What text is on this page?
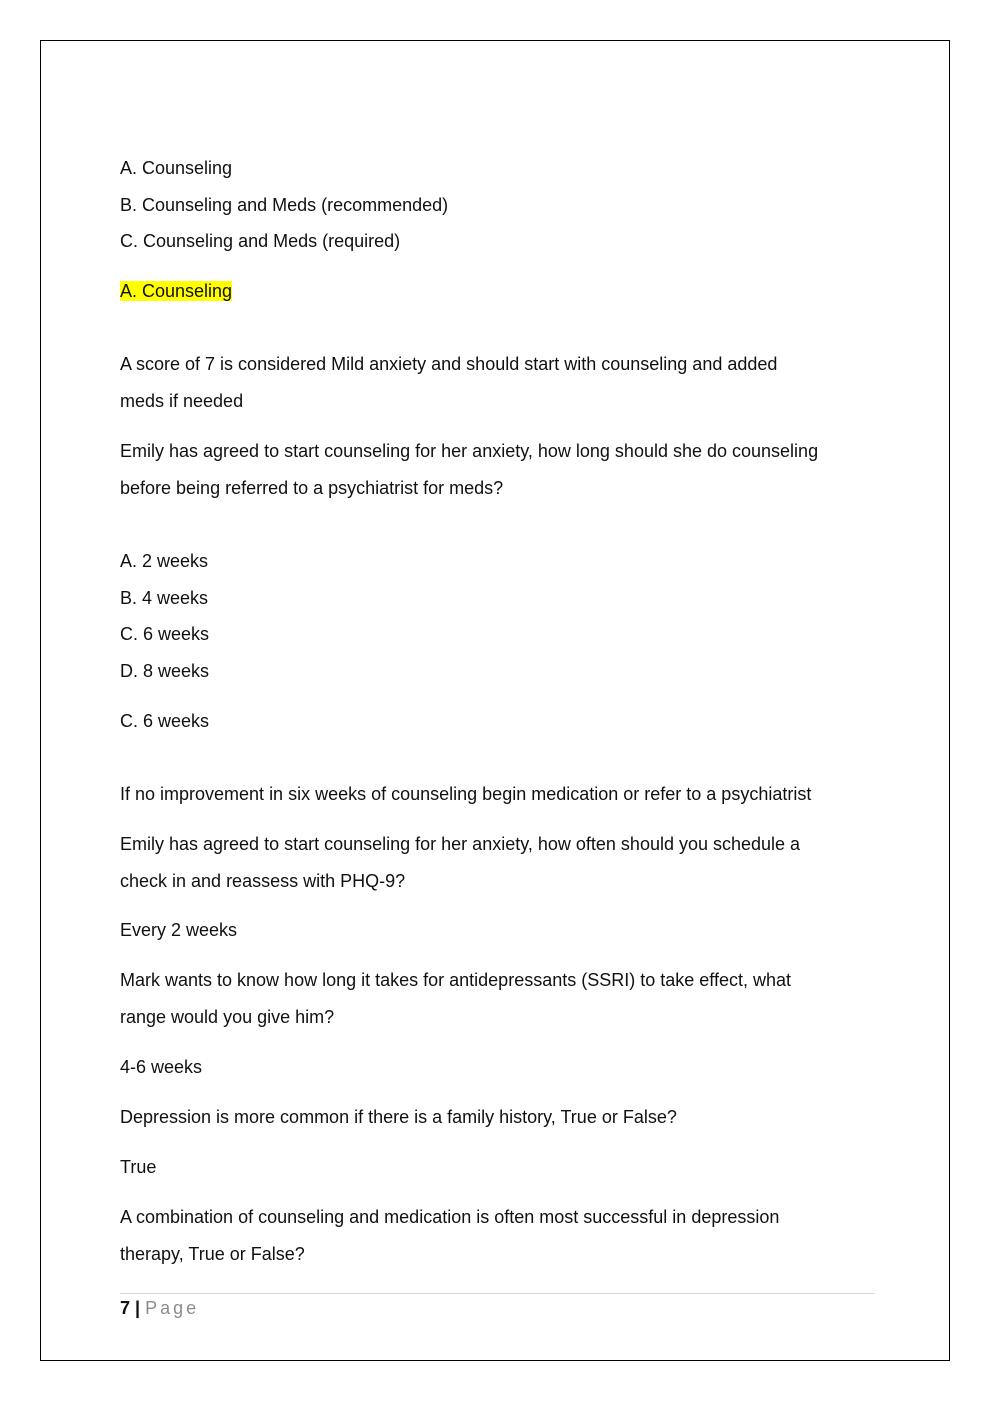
A. Counseling

B. Counseling and Meds (recommended)

C. Counseling and Meds (required)

A. Counseling

A score of 7 is considered Mild anxiety and should start with counseling and added

meds if needed

Emily has agreed to start counseling for her anxiety, how long should she do counseling

before being referred to a psychiatrist for meds?

A. 2 weeks

B. 4 weeks

C. 6 weeks

D. 8 weeks

C. 6 weeks

If no improvement in six weeks of counseling begin medication or refer to a psychiatrist

Emily has agreed to start counseling for her anxiety, how often should you schedule a

check in and reassess with PHQ-9?

Every 2 weeks

Mark wants to know how long it takes for antidepressants (SSRI) to take effect, what

range would you give him?

4-6 weeks

Depression is more common if there is a family history, True or False?

True

A combination of counseling and medication is often most successful in depression

therapy, True or False?

7 | Page
